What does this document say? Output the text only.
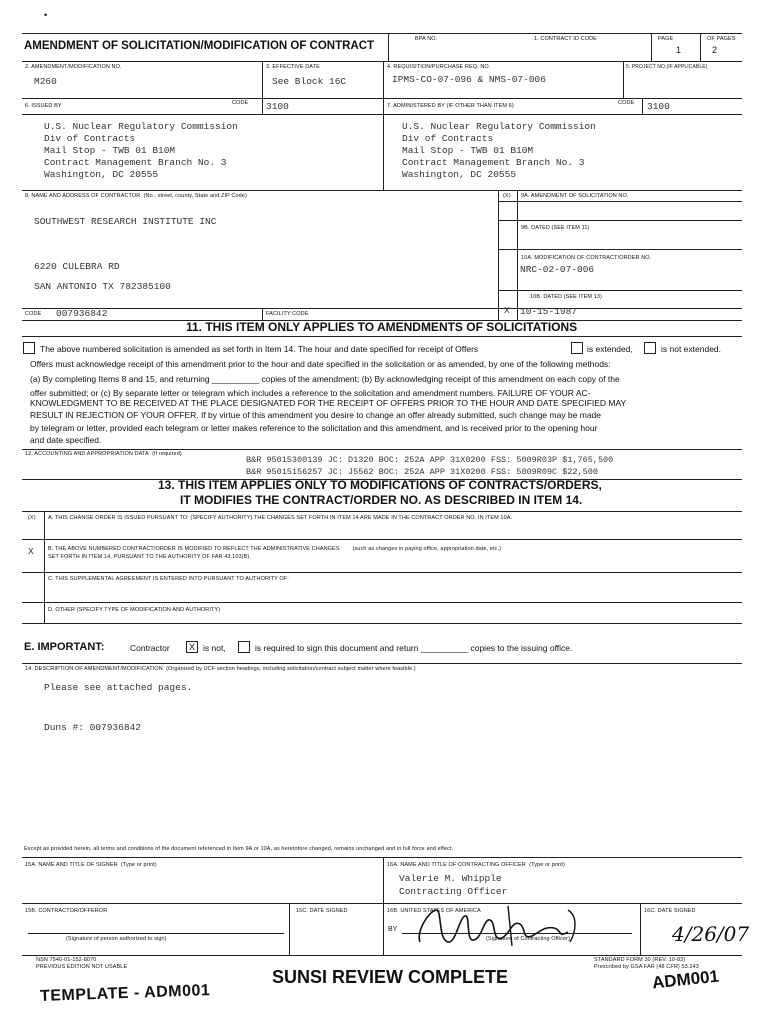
•
AMENDMENT OF SOLICITATION/MODIFICATION OF CONTRACT
BPA NO.	1. CONTRACT ID CODE	PAGE	OF PAGES
1	2
2. AMENDMENT/MODIFICATION NO.
M260
3. EFFECTIVE DATE
See Block 16C
4. REQUISITION/PURCHASE REQ. NO.
IPMS-CO-07-096 & NMS-07-006
5. PROJECT NO.(IF APPLICABLE)
6. ISSUED BY	CODE 3100
U.S. Nuclear Regulatory Commission
Div of Contracts
Mail Stop - TWB 01 B10M
Contract Management Branch No. 3
Washington, DC 20555
7. ADMINISTERED BY (IF OTHER THAN ITEM 6)	CODE 3100
U.S. Nuclear Regulatory Commission
Div of Contracts
Mail Stop - TWB 01 B10M
Contract Management Branch No. 3
Washington, DC 20555
8. NAME AND ADDRESS OF CONTRACTOR (No., street, county, State and ZIP Code)
SOUTHWEST RESEARCH INSTITUTE INC
6220 CULEBRA RD
SAN ANTONIO TX 782385100
(X) 9A. AMENDMENT OF SOLICITATION NO.
9B. DATED (SEE ITEM 11)
10A. MODIFICATION OF CONTRACT/ORDER NO.
NRC-02-07-006
10B. DATED (SEE ITEM 13)
X 10-15-1987
CODE 007936842	FACILITY CODE
11. THIS ITEM ONLY APPLIES TO AMENDMENTS OF SOLICITATIONS
The above numbered solicitation is amended as set forth in Item 14. The hour and date specified for receipt of Offers	is extended,	is not extended.
Offers must acknowledge receipt of this amendment prior to the hour and date specified in the solicitation or as amended, by one of the following methods:
(a) By completing Items 8 and 15, and returning __________ copies of the amendment; (b) By acknowledging receipt of this amendment on each copy of the
offer submitted; or (c) By separate letter or telegram which includes a reference to the solicitation and amendment numbers. FAILURE OF YOUR AC-
KNOWLEDGMENT TO BE RECEIVED AT THE PLACE DESIGNATED FOR THE RECEIPT OF OFFERS PRIOR TO THE HOUR AND DATE SPECIFIED MAY
RESULT IN REJECTION OF YOUR OFFER. If by virtue of this amendment you desire to change an offer already submitted, such change may be made
by telegram or letter, provided each telegram or letter makes reference to the solicitation and this amendment, and is received prior to the opening hour
and date specified.
12. ACCOUNTING AND APPROPRIATION DATA (If required)
B&R 95015300139 JC: D1320 BOC: 252A APP 31X0200 FSS: 5009R03P $1,765,500
B&R 95015156257 JC: J5562 BOC: 252A APP 31X0200 FSS: 5009R09C $22,500
13. THIS ITEM APPLIES ONLY TO MODIFICATIONS OF CONTRACTS/ORDERS,
IT MODIFIES THE CONTRACT/ORDER NO. AS DESCRIBED IN ITEM 14.
(X) A. THIS CHANGE ORDER IS ISSUED PURSUANT TO: (SPECIFY AUTHORITY) THE CHANGES SET FORTH IN ITEM 14 ARE MADE IN THE CONTRACT ORDER NO. IN ITEM 10A.
B. THE ABOVE NUMBERED CONTRACT/ORDER IS MODIFIED TO REFLECT THE ADMINISTRATIVE CHANGES (such as changes in paying office, appropriation date, etc.)
SET FORTH IN ITEM 14, PURSUANT TO THE AUTHORITY OF FAR 43.103(B).
X
C. THIS SUPPLEMENTAL AGREEMENT IS ENTERED INTO PURSUANT TO AUTHORITY OF:
D. OTHER (SPECIFY TYPE OF MODIFICATION AND AUTHORITY)
E. IMPORTANT:	Contractor	X is not,	is required to sign this document and return __________ copies to the issuing office.
14. DESCRIPTION OF AMENDMENT/MODIFICATION (Organized by UCF section headings, including solicitation/contract subject matter where feasible.)
Please see attached pages.
Duns #: 007936842
Except as provided herein, all terms and conditions of the document referenced in Item 9A or 10A, as heretofore changed, remains unchanged and in full force and effect.
15A. NAME AND TITLE OF SIGNER (Type or print)	16A. NAME AND TITLE OF CONTRACTING OFFICER (Type or print)
Valerie M. Whipple
Contracting Officer
15B. CONTRACTOR/OFFEROR	15C. DATE SIGNED	16B. UNITED STATES OF AMERICA	16C. DATE SIGNED
(Signature of person authorized to sign)
BY
(Signature of Contracting Officer)	4/26/07
NSN 7540-01-152-8070
PREVIOUS EDITION NOT USABLE
STANDARD FORM 30 (REV. 10-83)
Prescribed by GSA FAR (48 CFR) 53.243
TEMPLATE - ADM001
SUNSI REVIEW COMPLETE	ADM001
